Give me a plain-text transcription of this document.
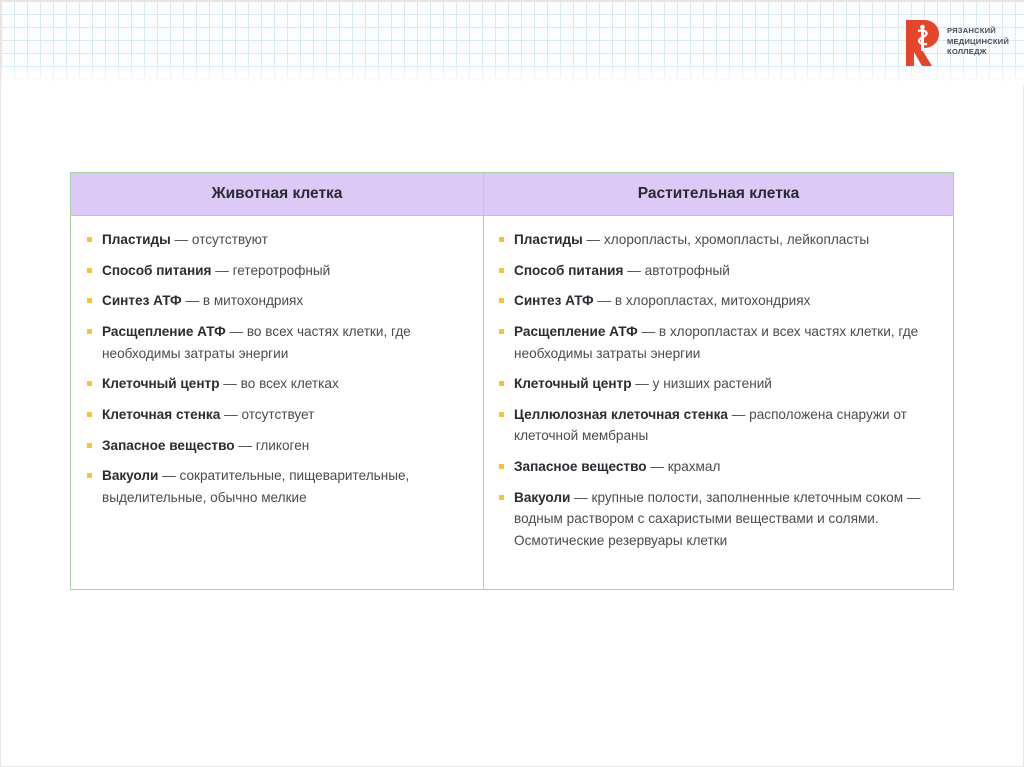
РЯЗАНСКИЙ
МЕДИЦИНСКИЙ
КОЛЛЕДЖ
Животная клетка	Растительная клетка
Пластиды — отсутствуют
Способ питания — гетеротрофный
Синтез АТФ — в митохондриях
Расщепление АТФ — во всех частях клетки, где необходимы затраты энергии
Клеточный центр — во всех клетках
Клеточная стенка — отсутствует
Запасное вещество — гликоген
Вакуоли — сократительные, пищеварительные, выделительные, обычно мелкие
Пластиды — хлоропласты, хромопласты, лейкопласты
Способ питания — автотрофный
Синтез АТФ — в хлоропластах, митохондриях
Расщепление АТФ — в хлоропластах и всех частях клетки, где необходимы затраты энергии
Клеточный центр — у низших растений
Целлюлозная клеточная стенка — расположена снаружи от клеточной мембраны
Запасное вещество — крахмал
Вакуоли — крупные полости, заполненные клеточным соком — водным раствором с сахаристыми веществами и солями. Осмотические резервуары клетки
